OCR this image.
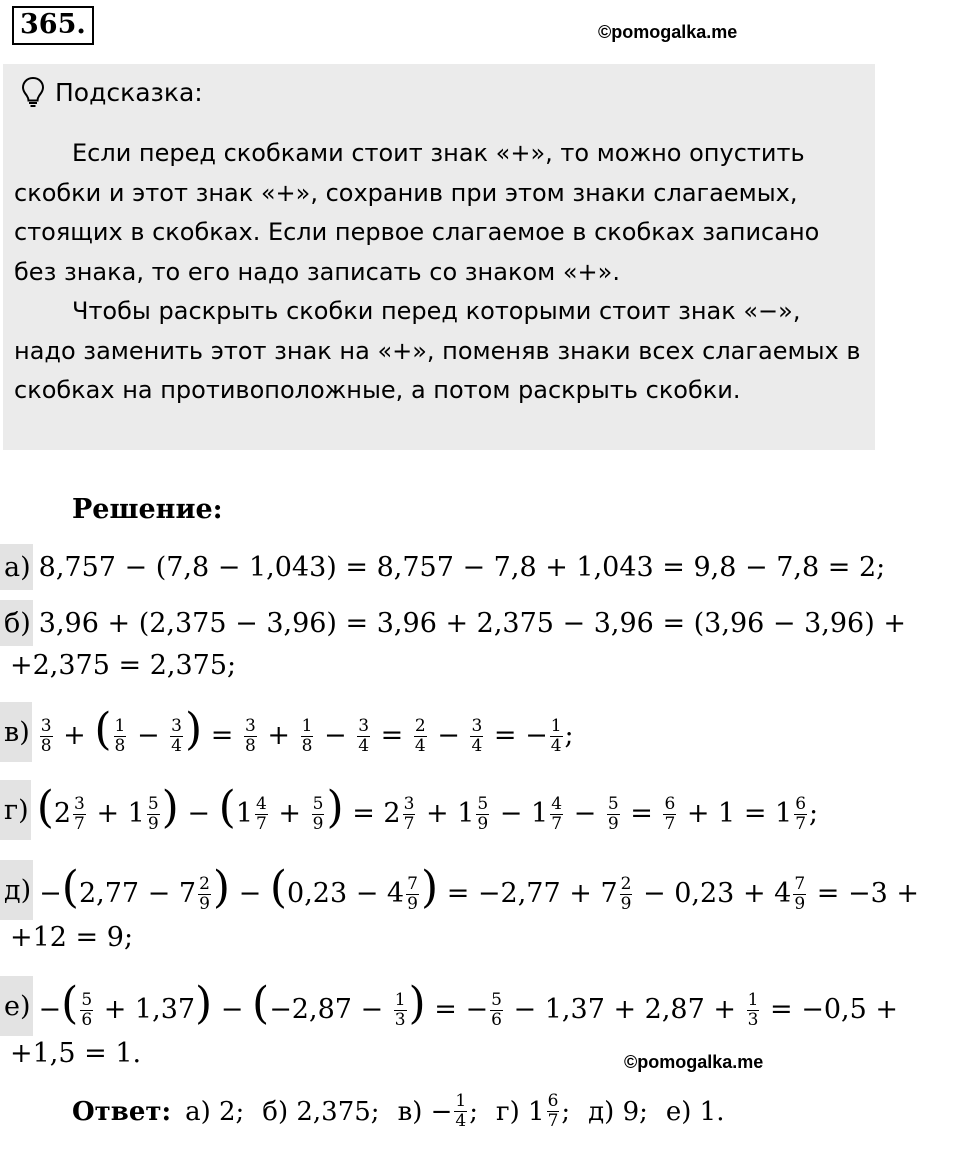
365.	©pomogalka.me
Подсказка:

Если перед скобками стоит знак «+», то можно опустить скобки и этот знак «+», сохранив при этом знаки слагаемых, стоящих в скобках. Если первое слагаемое в скобках записано без знака, то его надо записать со знаком «+».

Чтобы раскрыть скобки перед которыми стоит знак «−», надо заменить этот знак на «+», поменяв знаки всех слагаемых в скобках на противоположные, а потом раскрыть скобки.

Решение:
а) 8,757 − (7,8 − 1,043) = 8,757 − 7,8 + 1,043 = 9,8 − 7,8 = 2;
б) 3,96 + (2,375 − 3,96) = 3,96 + 2,375 − 3,96 = (3,96 − 3,96) +
+2,375 = 2,375;
$в) \frac{3}{8}$ + ( $\frac{1}{8} - \frac{3}{4}$ ) = $\frac{3}{8} + \frac{1}{8} - \frac{3}{4} = \frac{2}{4} - \frac{3}{4}$ = − $\frac{1}{4}$ ;
г) ($2 \frac{3}{7} + 1 \frac{5}{9}$ ) − ($1 \frac{4}{7} + \frac{5}{9}$ ) = $2 \frac{3}{7} + 1 \frac{5}{9} - 1 \frac{4}{7} - \frac{5}{9} = \frac{6}{7} + 1 = 1 \frac{6}{7}$ ;
$д) -(2,77 - 7 \frac{2}{9}$ ) − ($0,23 - 4 \frac{7}{9}$ ) = $-2,77 + 7 \frac{2}{9} - 0,23 + 4 \frac{7}{9} = -3$ +
+12 = 9;
е) −( $\frac{5}{6} + 1,37) - (-2,87 - \frac{1}{3}$ ) = − $\frac{5}{6} - 1,37 + 2,87 + \frac{1}{3} = -0,5$ +
+1,5 = 1.	©pomogalka.me
Ответ: а) 2; б) 2,375; $в) - \frac{1}{4}$ ; г) $1 \frac{6}{7}$ ; д) 9; е) 1.
